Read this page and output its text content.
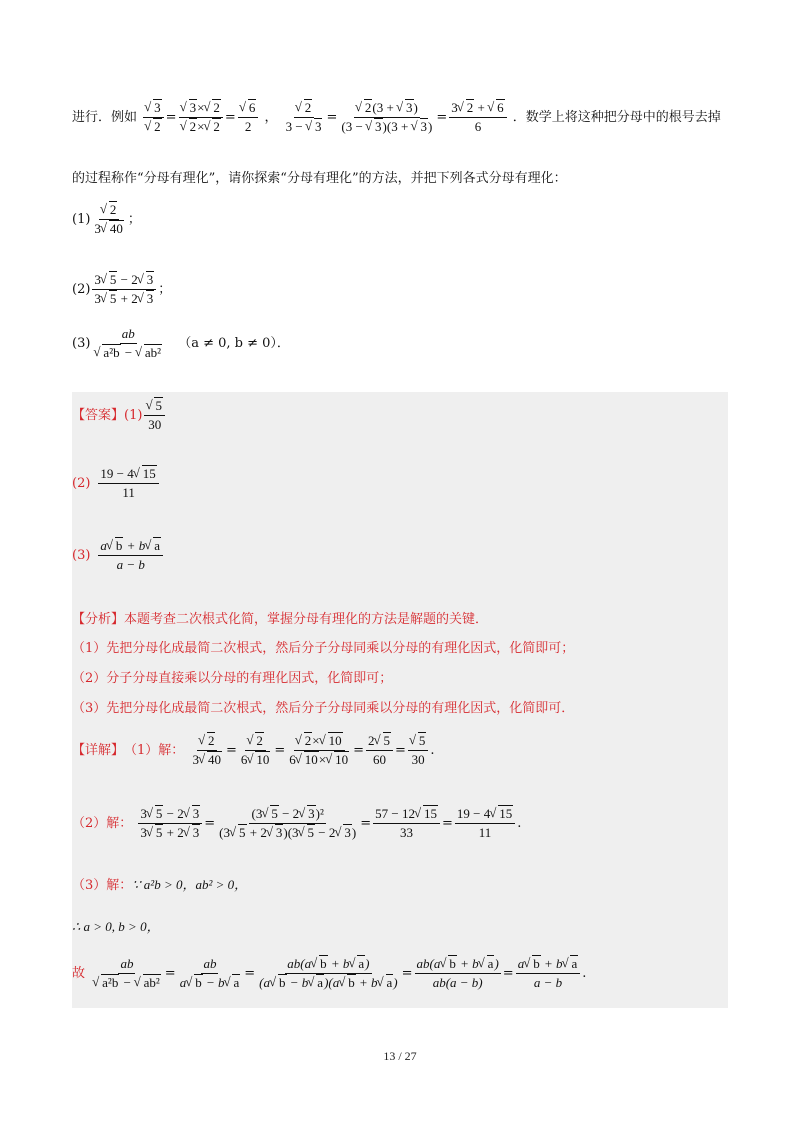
进行．例如 √ 3
√ 2 = √ 3× √ 2
√ 2× √ 2 = √ $\frac{6}{2}$ ， √ $\frac{2}{3 - √ 3}$ = √ $\frac{2(3 + √ 3)}{(3 - √ 3)(3 + √ 3)} = \frac{3 √ 2 + √ 6}{6}$ ．数学上将这种把分母中的根号去掉
的过程称作“分母有理化”，请你探索“分母有理化”的方法，并把下列各式分母有理化：
(1) √ $\frac{2}{3 √ 40}$ ；
$(2) \frac{3 √ 5 - 2 √ 3}{3 √ 5 + 2 √ 3}$ ；
(3) ab
√ a²b − √ ab² （a ≠ 0, b ≠ 0）．
【答案】(1) √ $\frac{5}{30}$
$(2) \frac{19 - 4 √ 15}{11}$
$(3) \frac{a √ b + b √ a}{a - b}$
【分析】本题考查二次根式化简，掌握分母有理化的方法是解题的关键．
（1）先把分母化成最简二次根式，然后分子分母同乘以分母的有理化因式，化简即可；
（2）分子分母直接乘以分母的有理化因式，化简即可；
（3）先把分母化成最简二次根式，然后分子分母同乘以分母的有理化因式，化简即可．
【详解】（1）解： √ $\frac{2}{3 √ 40}$ = √ $\frac{2}{6 √ 10}$ = √ $\frac{2\times √ 10}{6 √ 10\times √ 10} = \frac{2 √ 5}{60}$ = √ $\frac{5}{30}$ .
（2）解： $\frac{3 √ 5 - 2 √ 3}{3 √ 5 + 2 √ 3} = \frac{\text{(3 √ 5 − 2 √ 3)²}}{(3 √ 5 + 2 √ 3)(3 √ 5 - 2 √ 3)} = \frac{57 - 12 √ 15}{33} = \frac{19 - 4 √ 15}{11}$ .
（3）解：∵ a²b > 0，ab² > 0，
∴ a > 0, b > 0，
故 ab
√ a²b − √ $ab^2 = \frac{ab}{a √ b - b √ a} = \frac{ab(a √ b + b √ a)}{(a √ b - b √ a)(a √ b + b √ a)} = \frac{ab(a √ b + b √ a)}{ab(a - b)} = \frac{a √ b + b √ a}{a - b}$ .
13 / 27
